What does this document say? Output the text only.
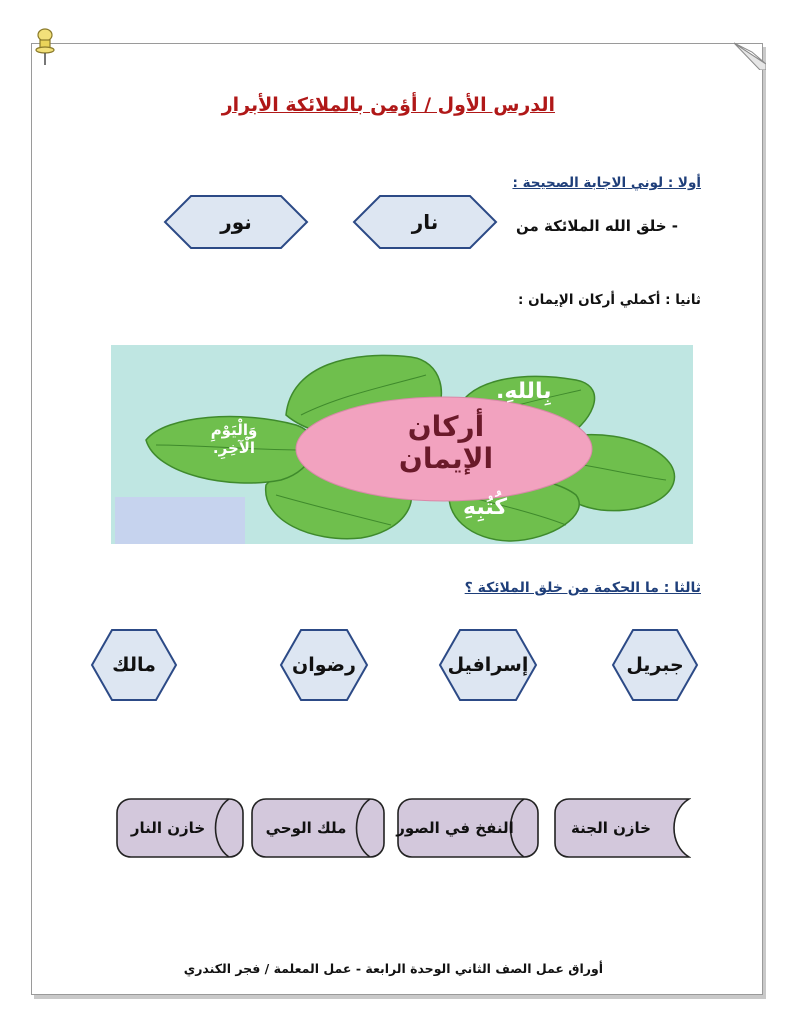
الدرس الأول / أؤمن بالملائكة الأبرار
أولا : لوني الاجابة الصحيحة :
- خلق الله الملائكة من
نار
نور
ثانيا : أكملي أركان الإيمان :
أركان
الإيمان
بِاللهِ.
وَالْيَوْمِ
الْآخِرِ.
كُتُبِهِ
ثالثا : ما الحكمة من خلق الملائكة ؟
جبريل
إسرافيل
رضوان
مالك
خازن الجنة
النفخ في الصور
ملك الوحي
خازن النار
أوراق عمل الصف الثاني الوحدة الرابعة - عمل المعلمة / فجر الكندري
